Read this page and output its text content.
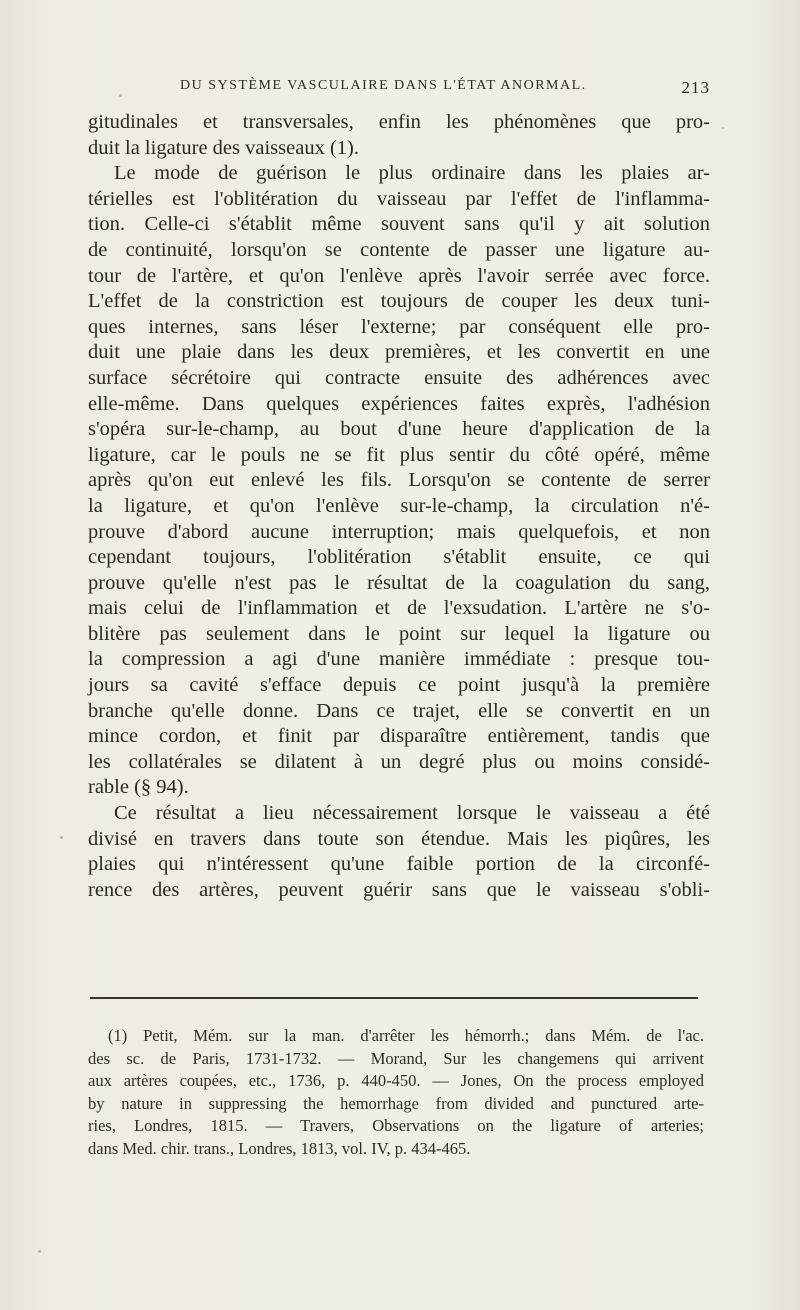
DU SYSTÈME VASCULAIRE DANS L'ÉTAT ANORMAL.	213
gitudinales et transversales, enfin les phénomènes que pro-
duit la ligature des vaisseaux (1).
Le mode de guérison le plus ordinaire dans les plaies ar-
térielles est l'oblitération du vaisseau par l'effet de l'inflamma-
tion. Celle-ci s'établit même souvent sans qu'il y ait solution
de continuité, lorsqu'on se contente de passer une ligature au-
tour de l'artère, et qu'on l'enlève après l'avoir serrée avec force.
L'effet de la constriction est toujours de couper les deux tuni-
ques internes, sans léser l'externe; par conséquent elle pro-
duit une plaie dans les deux premières, et les convertit en une
surface sécrétoire qui contracte ensuite des adhérences avec
elle-même. Dans quelques expériences faites exprès, l'adhésion
s'opéra sur-le-champ, au bout d'une heure d'application de la
ligature, car le pouls ne se fit plus sentir du côté opéré, même
après qu'on eut enlevé les fils. Lorsqu'on se contente de serrer
la ligature, et qu'on l'enlève sur-le-champ, la circulation n'é-
prouve d'abord aucune interruption; mais quelquefois, et non
cependant toujours, l'oblitération s'établit ensuite, ce qui
prouve qu'elle n'est pas le résultat de la coagulation du sang,
mais celui de l'inflammation et de l'exsudation. L'artère ne s'o-
blitère pas seulement dans le point sur lequel la ligature ou
la compression a agi d'une manière immédiate : presque tou-
jours sa cavité s'efface depuis ce point jusqu'à la première
branche qu'elle donne. Dans ce trajet, elle se convertit en un
mince cordon, et finit par disparaître entièrement, tandis que
les collatérales se dilatent à un degré plus ou moins considé-
rable (§ 94).
Ce résultat a lieu nécessairement lorsque le vaisseau a été
divisé en travers dans toute son étendue. Mais les piqûres, les
plaies qui n'intéressent qu'une faible portion de la circonfé-
rence des artères, peuvent guérir sans que le vaisseau s'obli-
(1) Petit, Mém. sur la man. d'arrêter les hémorrh.; dans Mém. de l'ac.
des sc. de Paris, 1731-1732. — Morand, Sur les changemens qui arrivent
aux artères coupées, etc., 1736, p. 440-450. — Jones, On the process employed
by nature in suppressing the hemorrhage from divided and punctured arte-
ries, Londres, 1815. — Travers, Observations on the ligature of arteries;
dans Med. chir. trans., Londres, 1813, vol. IV, p. 434-465.
